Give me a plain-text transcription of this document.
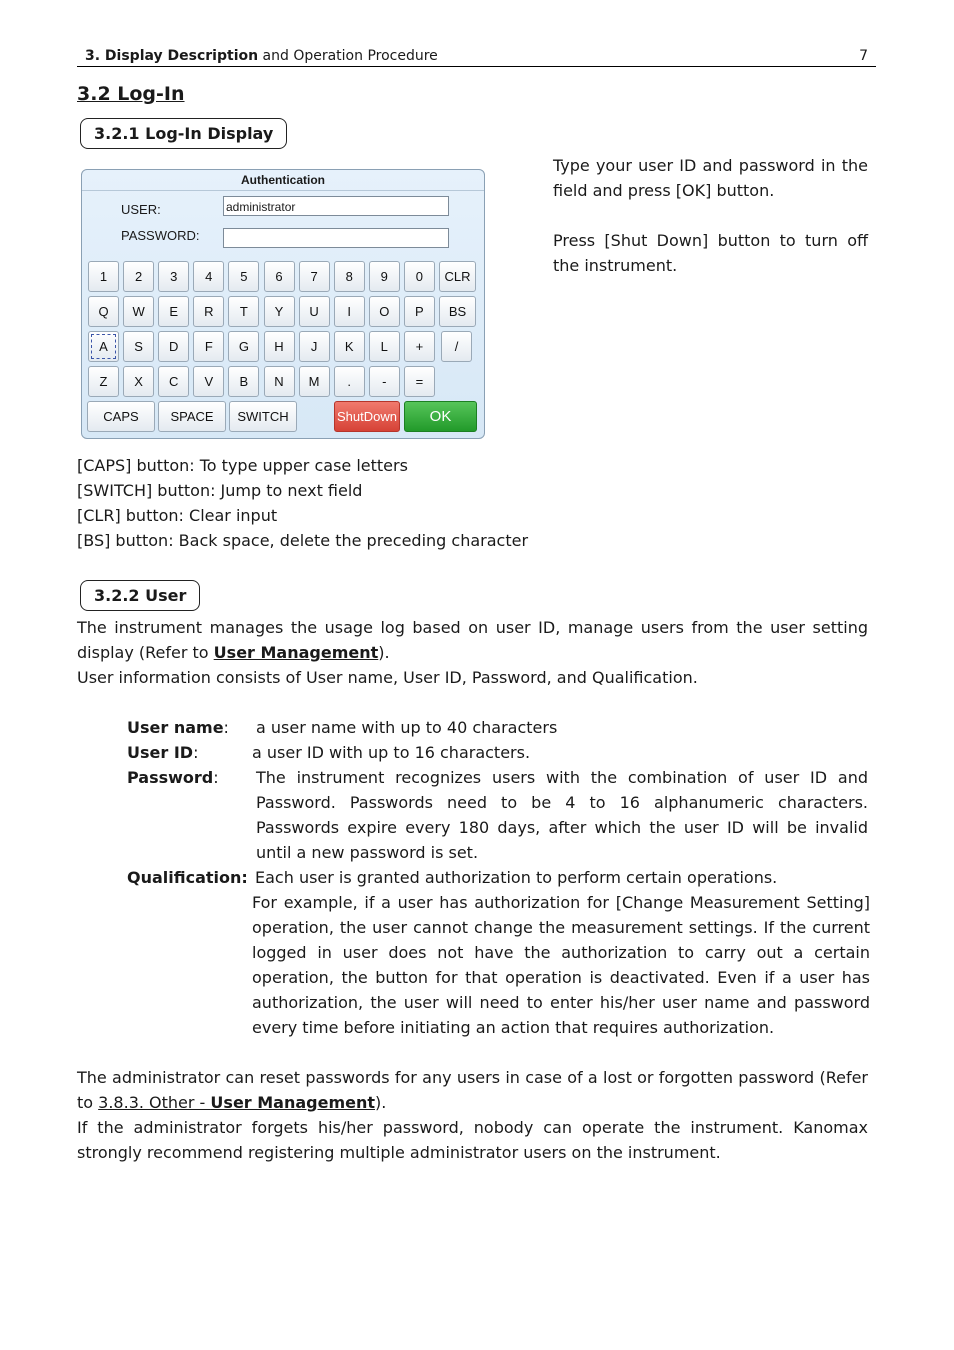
3. Display Description and Operation Procedure	7
3.2 Log-In
3.2.1 Log-In Display
Authentication
USER:	administrator
PASSWORD:
1	2	3	4	5	6	7	8	9	0	CLR
Q	W	E	R	T	Y	U	I	O	P	BS
A	S	D	F	G	H	J	K	L	+	/
Z	X	C	V	B	N	M	.	-	=
CAPS	SPACE	SWITCH	ShutDown	OK
Type your user ID and password in the field and press [OK] button.
Press [Shut Down] button to turn off the instrument.
[CAPS] button: To type upper case letters
[SWITCH] button: Jump to next field
[CLR] button: Clear input
[BS] button: Back space, delete the preceding character
3.2.2 User
The instrument manages the usage log based on user ID, manage users from the user setting display (Refer to User Management).
User information consists of User name, User ID, Password, and Qualification.
User name: a user name with up to 40 characters
User ID:	a user ID with up to 16 characters.
Password: The instrument recognizes users with the combination of user ID and Password. Passwords need to be 4 to 16 alphanumeric characters. Passwords expire every 180 days, after which the user ID will be invalid until a new password is set.
Qualification: Each user is granted authorization to perform certain operations.
For example, if a user has authorization for [Change Measurement Setting] operation, the user cannot change the measurement settings. If the current logged in user does not have the authorization to carry out a certain operation, the button for that operation is deactivated. Even if a user has authorization, the user will need to enter his/her user name and password every time before initiating an action that requires authorization.
The administrator can reset passwords for any users in case of a lost or forgotten password (Refer to 3.8.3. Other - User Management).
If the administrator forgets his/her password, nobody can operate the instrument. Kanomax strongly recommend registering multiple administrator users on the instrument.
